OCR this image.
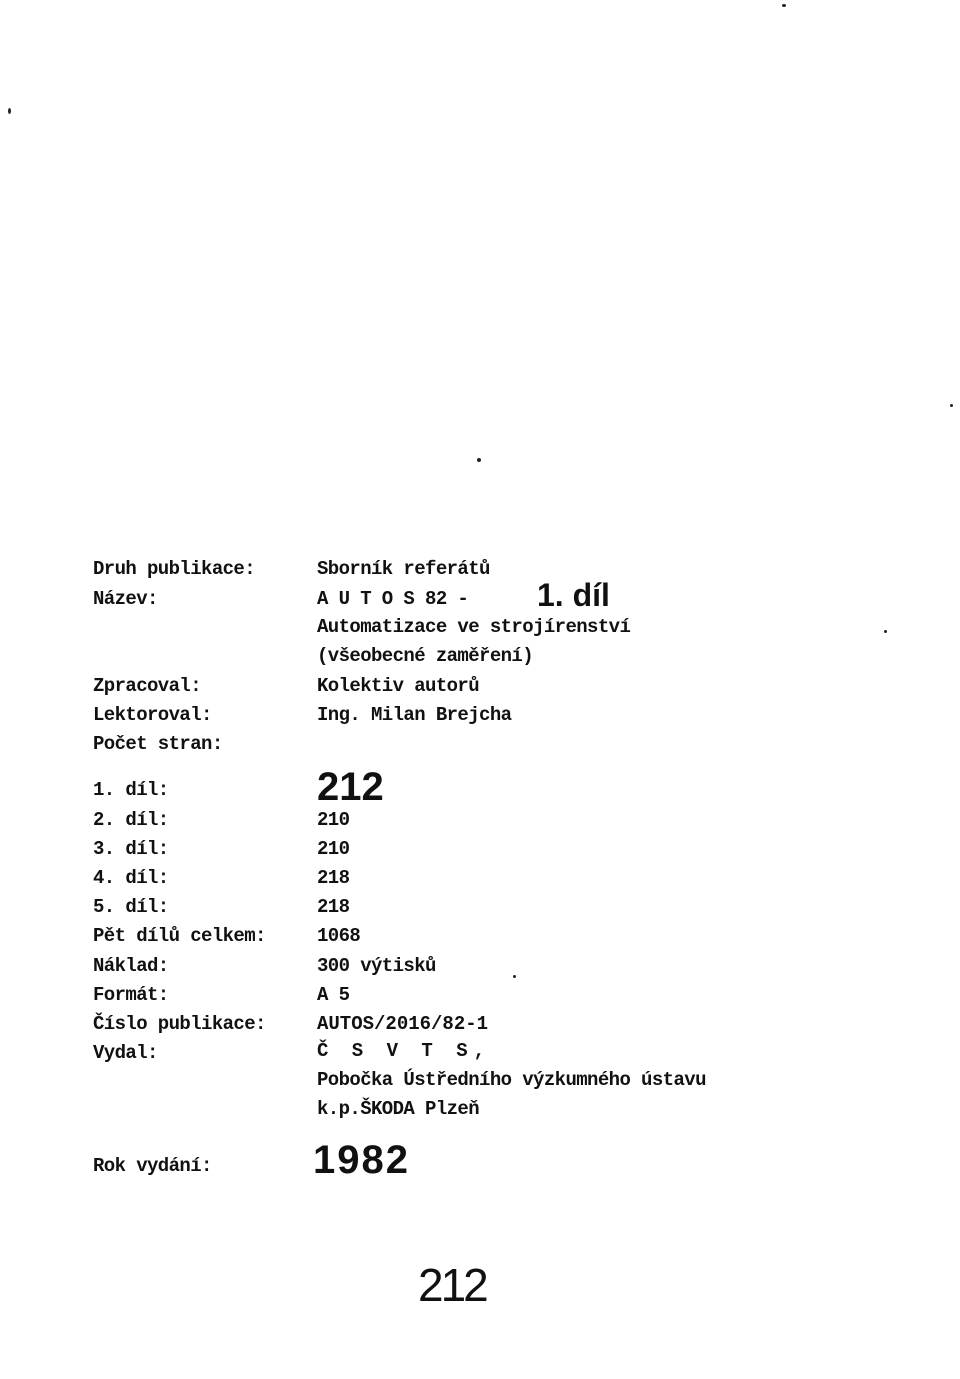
Druh publikace:	Sborník referátů
Název:	A U T O S 82 - 1. díl
Automatizace ve strojírenství
(všeobecné zaměření)
Zpracoval:	Kolektiv autorů
Lektoroval:	Ing. Milan Brejcha
Počet stran:
1. díl:	212
2. díl:	210
3. díl:	210
4. díl:	218
5. díl:	218
Pět dílů celkem:	1068
Náklad:	300 výtisků
Formát:	A 5
Číslo publikace:	AUTOS/2016/82-1
Vydal:	Č S V T S,
Pobočka Ústředního výzkumného ústavu
k.p.ŠKODA Plzeň
Rok vydání:	1982
212
